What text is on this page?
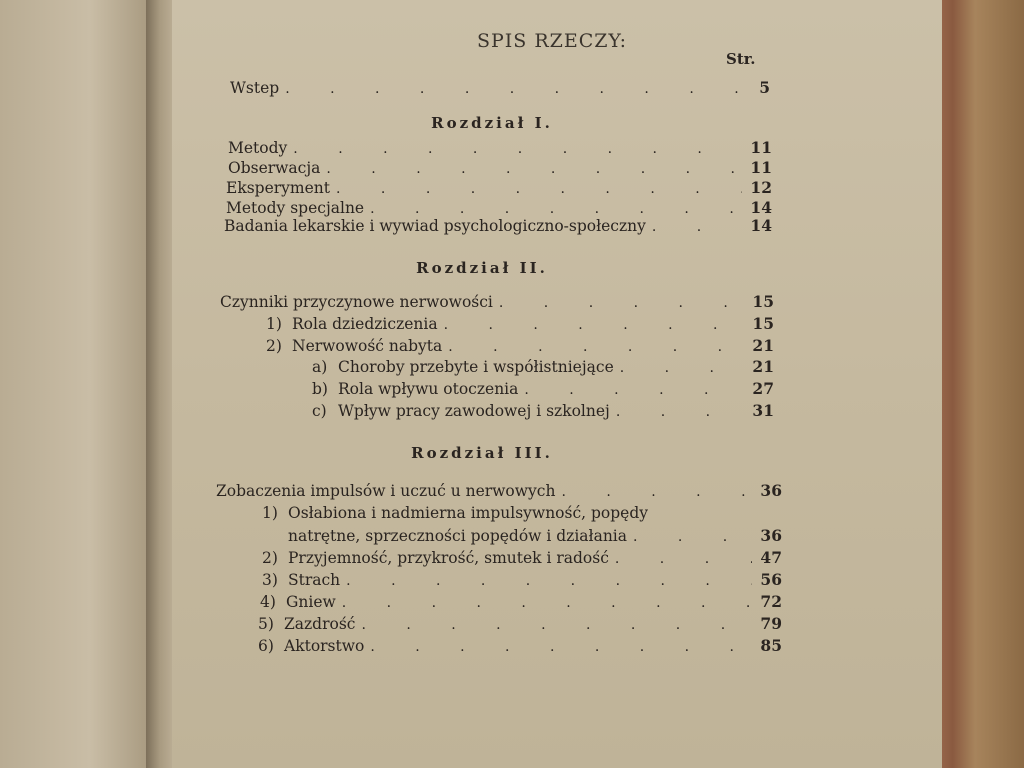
SPIS RZECZY:
Str.
Wstep . . .	5
Rozdział I.
Metody . . .	11
Obserwacja . . .	11
Eksperyment . . .	12
Metody specjalne . . .	14
Badania lekarskie i wywiad psychologiczno-społeczny . . .	14
Rozdział II.
Czynniki przyczynowe nerwowości . . .	15
1) Rola dziedziczenia . . .	15
2) Nerwowość nabyta . . .	21
a) Choroby przebyte i współistniejące . . .	21
b) Rola wpływu otoczenia . . .	27
c) Wpływ pracy zawodowej i szkolnej . . .	31
Rozdział III.
Zobaczenia impulsów i uczuć u nerwowych . . .	36
1) Osłabiona i nadmierna impulsywność, popędy
natrętne, sprzeczności popędów i działania . . .	36
2) Przyjemność, przykrość, smutek i radość . . .	47
3) Strach . . .	56
4) Gniew . . .	72
5) Zazdrość . . .	79
6) Aktorstwo . . .	85
